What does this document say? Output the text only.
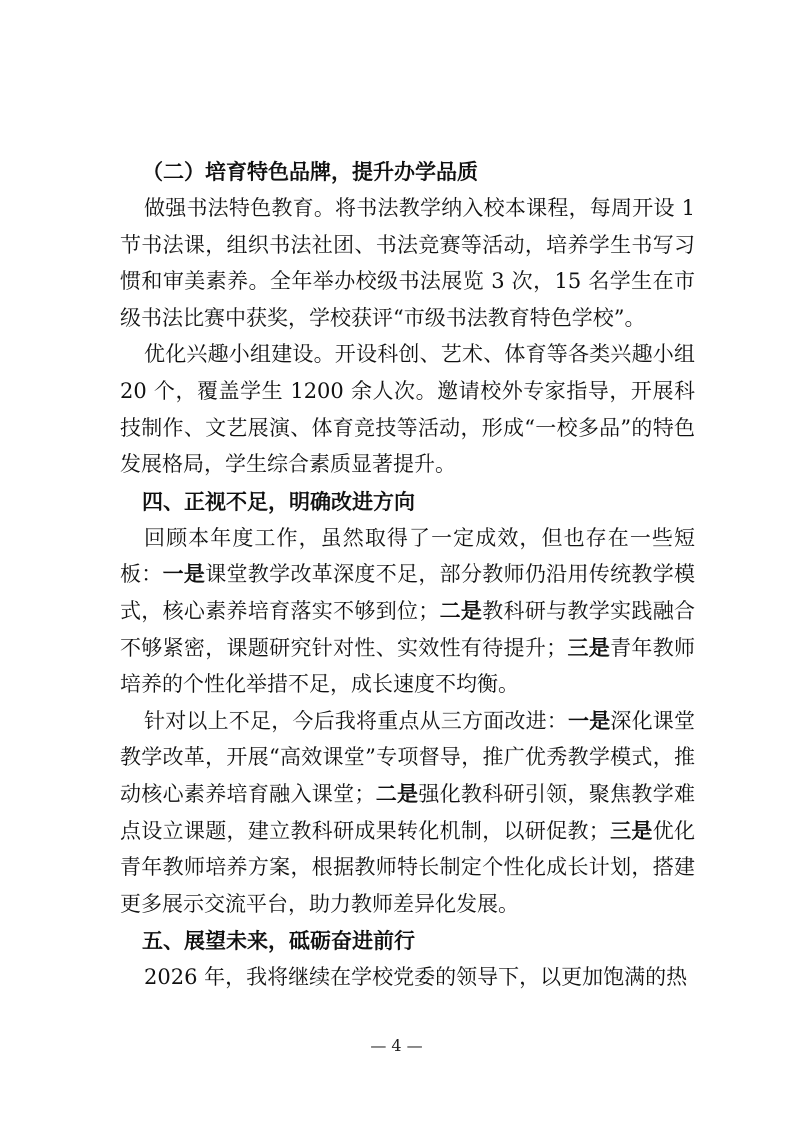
（二）培育特色品牌，提升办学品质

做强书法特色教育。将书法教学纳入校本课程，每周开设 1 节书法课，组织书法社团、书法竞赛等活动，培养学生书写习惯和审美素养。全年举办校级书法展览 3 次，15 名学生在市级书法比赛中获奖，学校获评“市级书法教育特色学校”。

优化兴趣小组建设。开设科创、艺术、体育等各类兴趣小组 20 个，覆盖学生 1200 余人次。邀请校外专家指导，开展科技制作、文艺展演、体育竞技等活动，形成“一校多品”的特色发展格局，学生综合素质显著提升。

四、正视不足，明确改进方向

回顾本年度工作，虽然取得了一定成效，但也存在一些短板：一是课堂教学改革深度不足，部分教师仍沿用传统教学模式，核心素养培育落实不够到位；二是教科研与教学实践融合不够紧密，课题研究针对性、实效性有待提升；三是青年教师培养的个性化举措不足，成长速度不均衡。

针对以上不足，今后我将重点从三方面改进：一是深化课堂教学改革，开展“高效课堂”专项督导，推广优秀教学模式，推动核心素养培育融入课堂；二是强化教科研引领，聚焦教学难点设立课题，建立教科研成果转化机制，以研促教；三是优化青年教师培养方案，根据教师特长制定个性化成长计划，搭建更多展示交流平台，助力教师差异化发展。

五、展望未来，砥砺奋进前行

2026 年，我将继续在学校党委的领导下，以更加饱满的热

— 4 —
